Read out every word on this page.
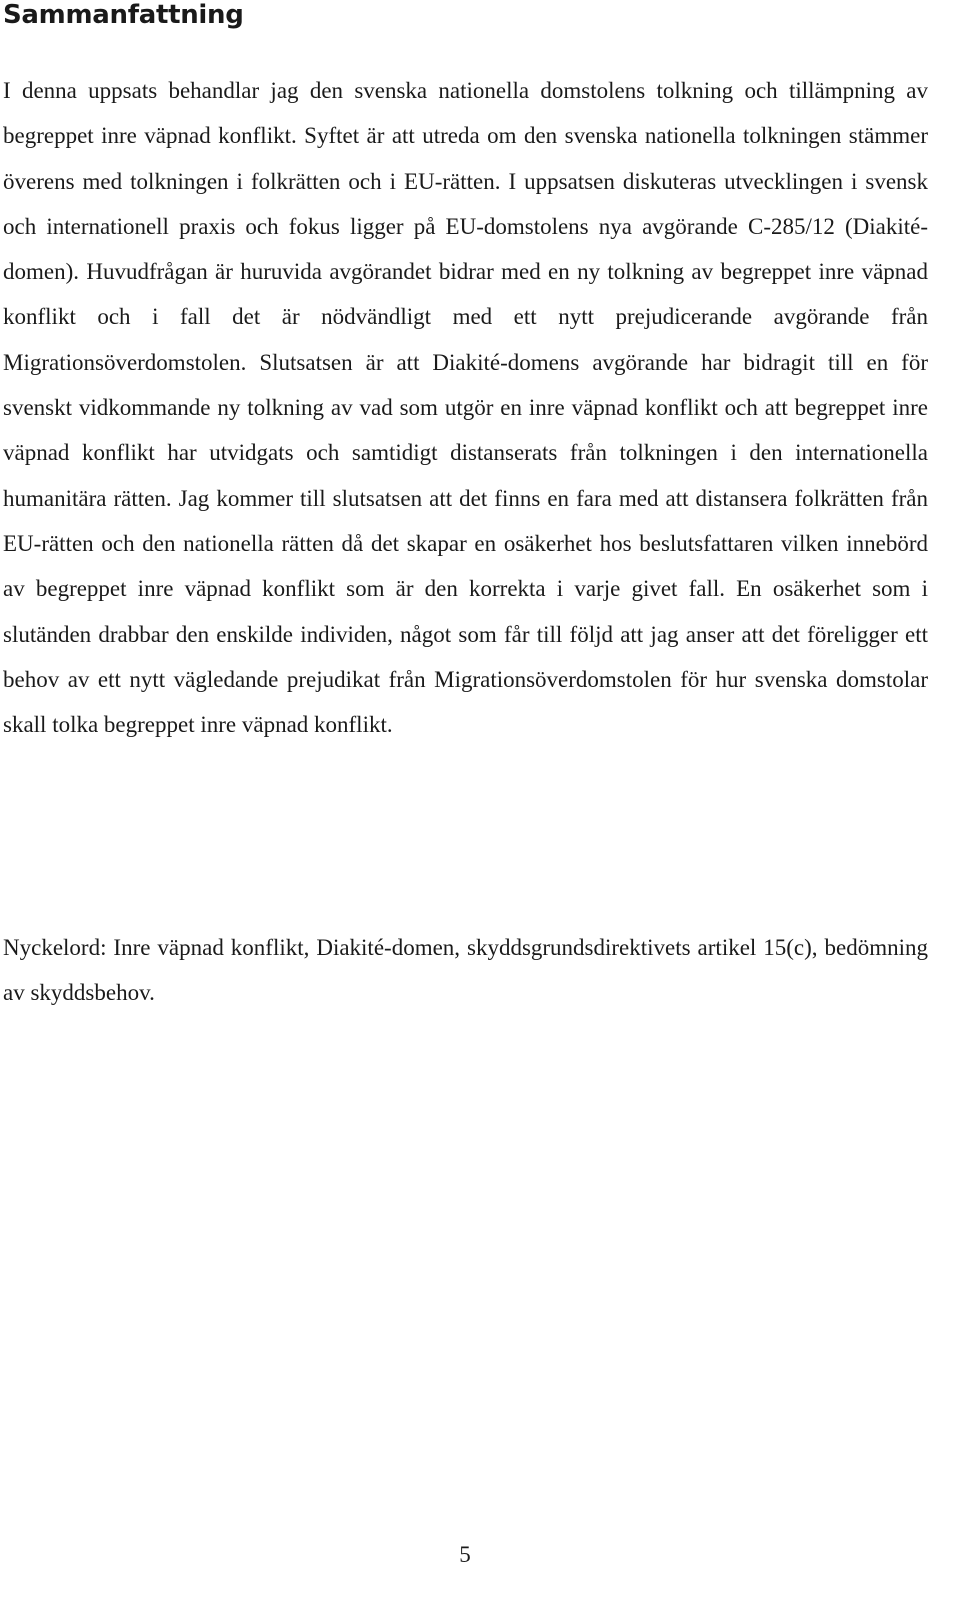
Sammanfattning

I denna uppsats behandlar jag den svenska nationella domstolens tolkning och tillämpning av begreppet inre väpnad konflikt. Syftet är att utreda om den svenska nationella tolkningen stämmer överens med tolkningen i folkrätten och i EU-rätten. I uppsatsen diskuteras utvecklingen i svensk och internationell praxis och fokus ligger på EU-domstolens nya avgörande C-285/12 (Diakité-domen). Huvudfrågan är huruvida avgörandet bidrar med en ny tolkning av begreppet inre väpnad konflikt och i fall det är nödvändligt med ett nytt prejudicerande avgörande från Migrationsöverdomstolen. Slutsatsen är att Diakité-domens avgörande har bidragit till en för svenskt vidkommande ny tolkning av vad som utgör en inre väpnad konflikt och att begreppet inre väpnad konflikt har utvidgats och samtidigt distanserats från tolkningen i den internationella humanitära rätten. Jag kommer till slutsatsen att det finns en fara med att distansera folkrätten från EU-rätten och den nationella rätten då det skapar en osäkerhet hos beslutsfattaren vilken innebörd av begreppet inre väpnad konflikt som är den korrekta i varje givet fall. En osäkerhet som i slutänden drabbar den enskilde individen, något som får till följd att jag anser att det föreligger ett behov av ett nytt vägledande prejudikat från Migrationsöverdomstolen för hur svenska domstolar skall tolka begreppet inre väpnad konflikt.

Nyckelord: Inre väpnad konflikt, Diakité-domen, skyddsgrundsdirektivets artikel 15(c), bedömning av skyddsbehov.

5
